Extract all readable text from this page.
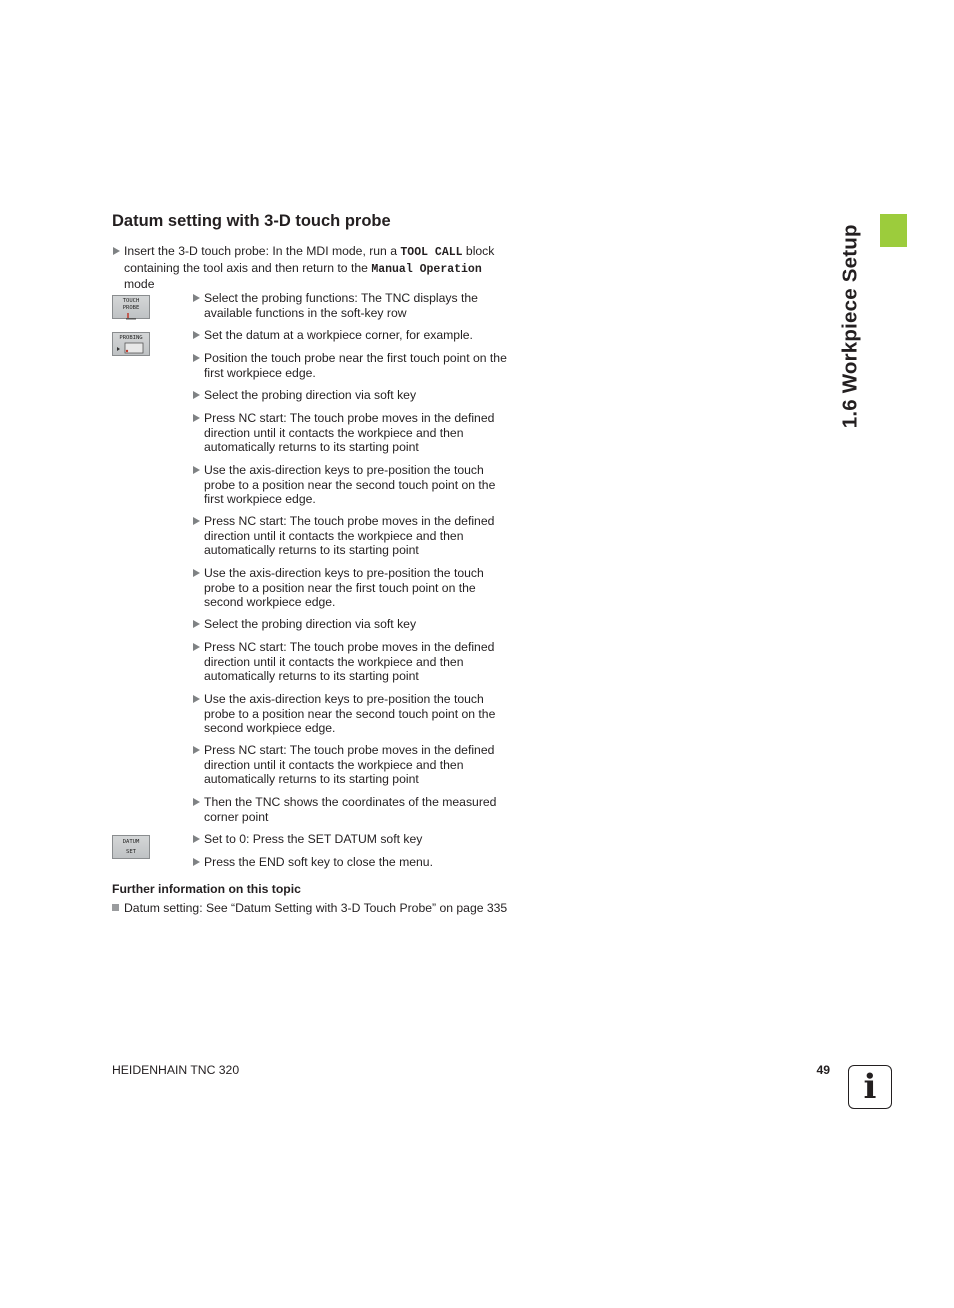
Datum setting with 3-D touch probe
Insert the 3-D touch probe: In the MDI mode, run a TOOL CALL block containing the tool axis and then return to the Manual Operation mode
TOUCH
PROBE
PROBING
DATUM
SET
Select the probing functions: The TNC displays the available functions in the soft-key row
Set the datum at a workpiece corner, for example.
Position the touch probe near the first touch point on the first workpiece edge.
Select the probing direction via soft key
Press NC start: The touch probe moves in the defined direction until it contacts the workpiece and then automatically returns to its starting point
Use the axis-direction keys to pre-position the touch probe to a position near the second touch point on the first workpiece edge.
Press NC start: The touch probe moves in the defined direction until it contacts the workpiece and then automatically returns to its starting point
Use the axis-direction keys to pre-position the touch probe to a position near the first touch point on the second workpiece edge.
Select the probing direction via soft key
Press NC start: The touch probe moves in the defined direction until it contacts the workpiece and then automatically returns to its starting point
Use the axis-direction keys to pre-position the touch probe to a position near the second touch point on the second workpiece edge.
Press NC start: The touch probe moves in the defined direction until it contacts the workpiece and then automatically returns to its starting point
Then the TNC shows the coordinates of the measured corner point
Set to 0: Press the SET DATUM soft key
Press the END soft key to close the menu.
Further information on this topic
Datum setting: See “Datum Setting with 3-D Touch Probe” on page 335
HEIDENHAIN TNC 320	49
1.6 Workpiece Setup
i
